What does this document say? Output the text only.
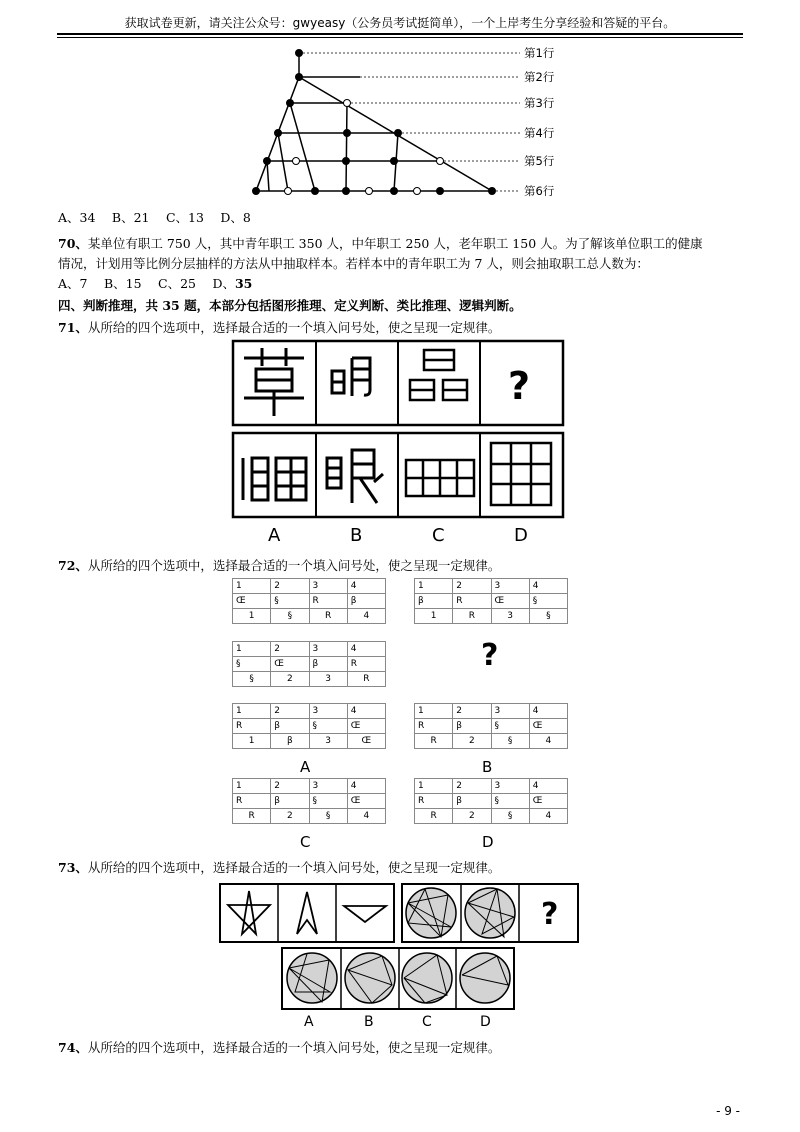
获取试卷更新，请关注公众号：gwyeasy（公务员考试挺简单），一个上岸考生分享经验和答疑的平台。
第1行
第2行
第3行
第4行
第5行
第6行
A、34　 B、21　 C、13　 D、8
70、某单位有职工 750 人，其中青年职工 350 人，中年职工 250 人，老年职工 150 人。为了解该单位职工的健康
情况，计划用等比例分层抽样的方法从中抽取样本。若样本中的青年职工为 7 人，则会抽取职工总人数为：
A、7　 B、15　 C、25　 D、35
四、判断推理，共 35 题，本部分包括图形推理、定义判断、类比推理、逻辑判断。
71、从所给的四个选项中，选择最合适的一个填入问号处，使之呈现一定规律。
?
A	B	C	D
72、从所给的四个选项中，选择最合适的一个填入问号处，使之呈现一定规律。
1	2	3	4
Œ	§	R	β
1	§	R	4
1	2	3	4
β	R	Œ	§
1	R	3	§
1	2	3	4
§	Œ	β	R
§	2	3	R
1	2	3	4
R	β	§	Œ
R	2	§	4
1	2	3	4
R	β	§	Œ
1	β	3	Œ
1	2	3	4
R	β	§	Œ
R	2	§	4
1	2	3	4
R	β	§	Œ
R	2	§	4
?
A	B
C	D
73、从所给的四个选项中，选择最合适的一个填入问号处，使之呈现一定规律。
?
A	B	C	D
74、从所给的四个选项中，选择最合适的一个填入问号处，使之呈现一定规律。
- 9 -
